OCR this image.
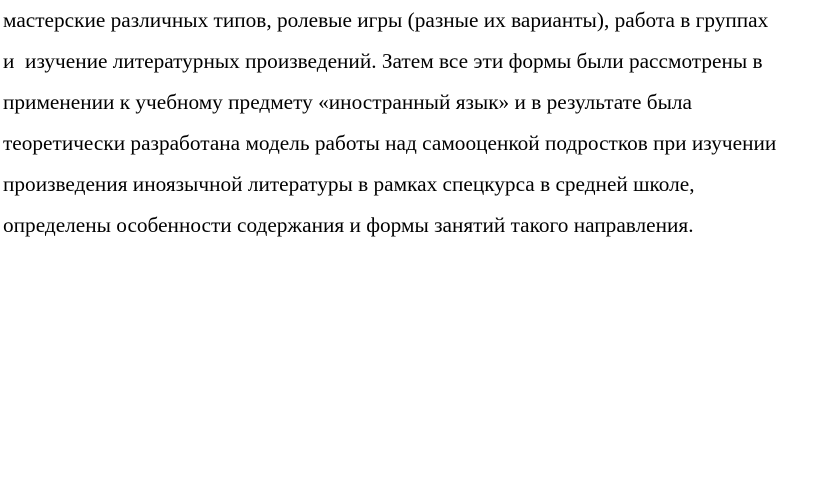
мастерские различных типов, ролевые игры (разные их варианты), работа в группах
и  изучение литературных произведений. Затем все эти формы были рассмотрены в
применении к учебному предмету «иностранный язык» и в результате была
теоретически разработана модель работы над самооценкой подростков при изучении
произведения иноязычной литературы в рамках спецкурса в средней школе,
определены особенности содержания и формы занятий такого направления.
